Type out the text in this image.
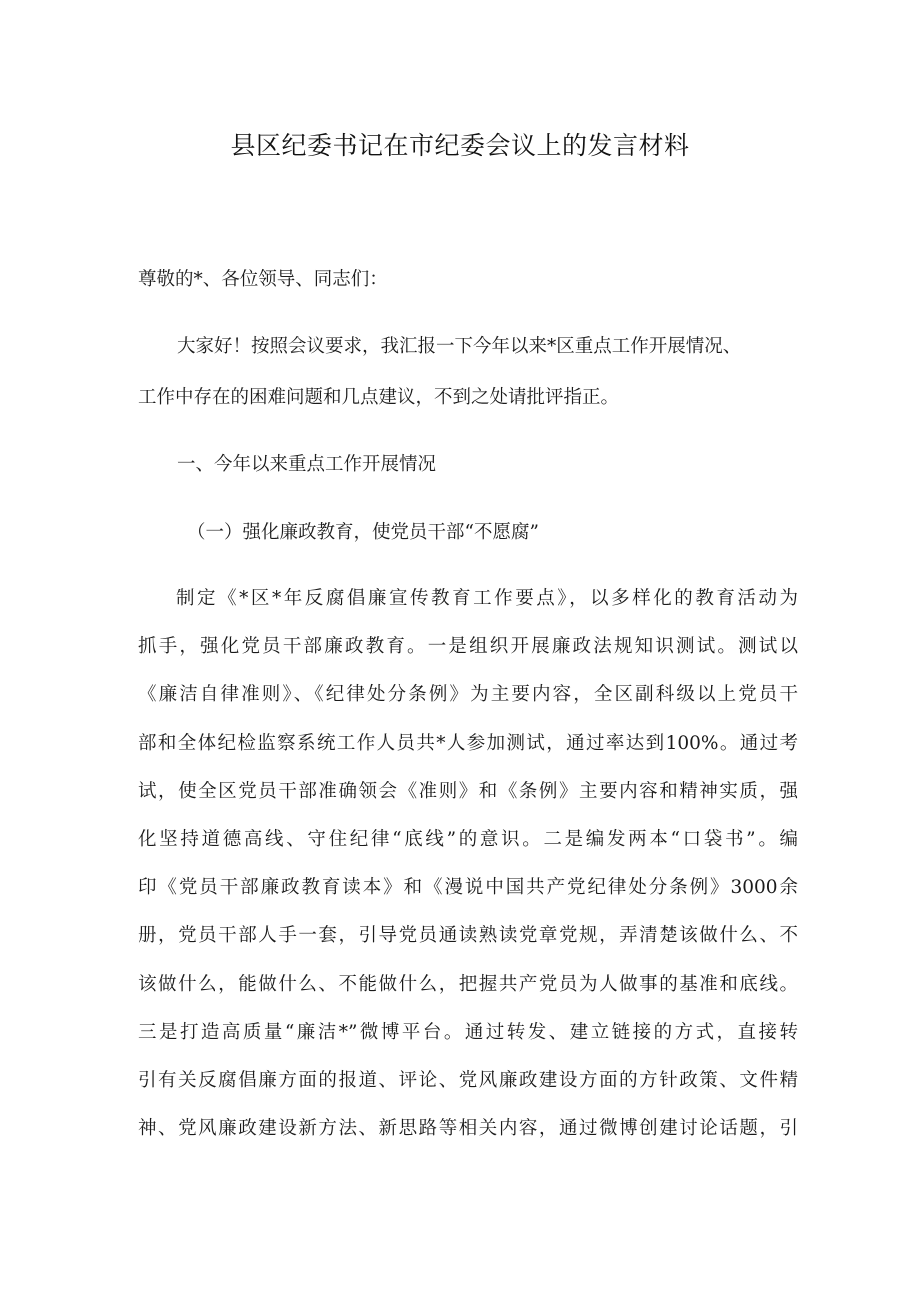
县区纪委书记在市纪委会议上的发言材料
尊敬的*、各位领导、同志们：
大家好！按照会议要求，我汇报一下今年以来*区重点工作开展情况、
工作中存在的困难问题和几点建议，不到之处请批评指正。
一、今年以来重点工作开展情况
（一）强化廉政教育，使党员干部“不愿腐”
制定《*区*年反腐倡廉宣传教育工作要点》，以多样化的教育活动为
抓手，强化党员干部廉政教育。一是组织开展廉政法规知识测试。测试以
《廉洁自律准则》、《纪律处分条例》为主要内容，全区副科级以上党员干
部和全体纪检监察系统工作人员共*人参加测试，通过率达到100%。通过考
试，使全区党员干部准确领会《准则》和《条例》主要内容和精神实质，强
化坚持道德高线、守住纪律“底线”的意识。二是编发两本“口袋书”。编
印《党员干部廉政教育读本》和《漫说中国共产党纪律处分条例》3000余
册，党员干部人手一套，引导党员通读熟读党章党规，弄清楚该做什么、不
该做什么，能做什么、不能做什么，把握共产党员为人做事的基准和底线。
三是打造高质量“廉洁*”微博平台。通过转发、建立链接的方式，直接转
引有关反腐倡廉方面的报道、评论、党风廉政建设方面的方针政策、文件精
神、党风廉政建设新方法、新思路等相关内容，通过微博创建讨论话题，引
